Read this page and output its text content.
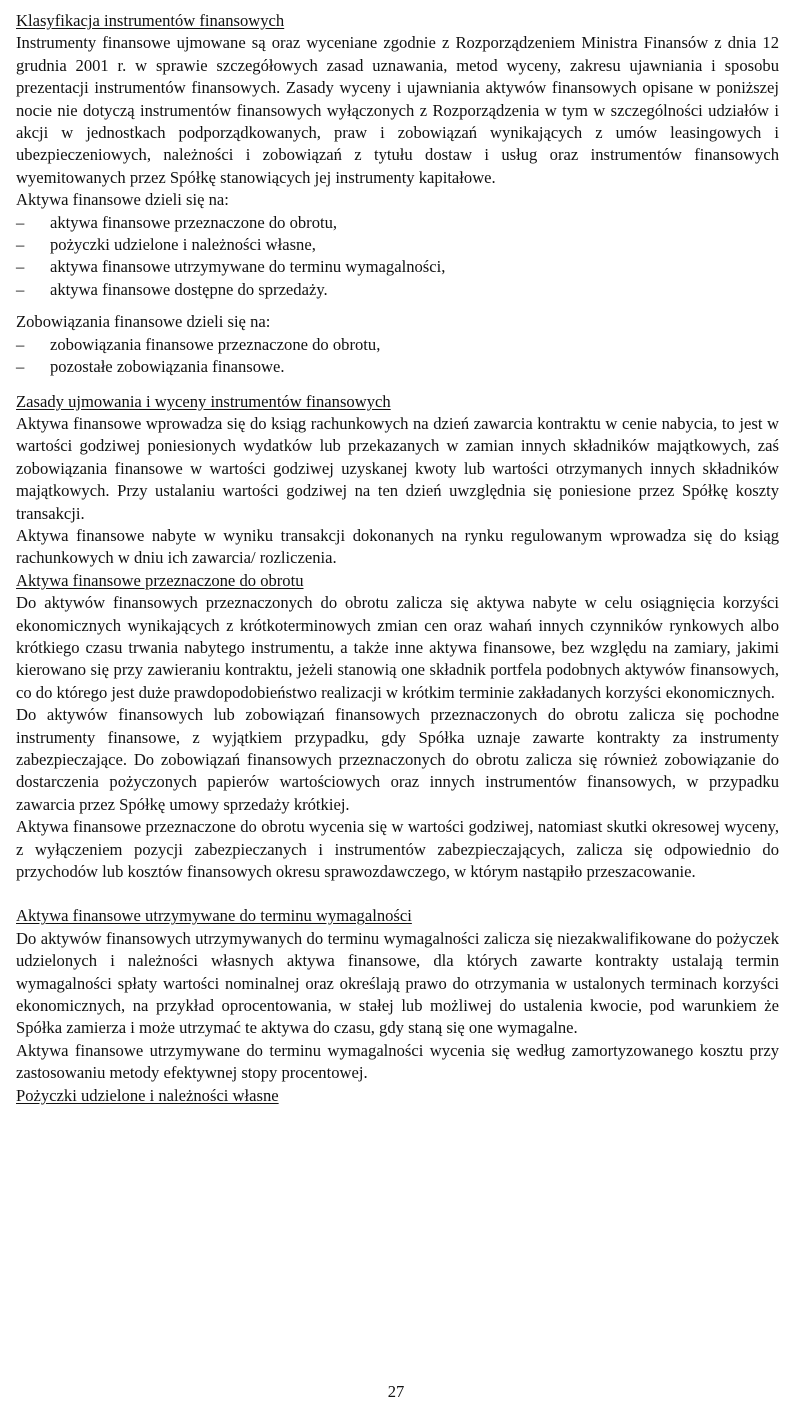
Klasyfikacja instrumentów finansowych
Instrumenty finansowe ujmowane są oraz wyceniane zgodnie z Rozporządzeniem Ministra Finansów z dnia 12 grudnia 2001 r. w sprawie szczegółowych zasad uznawania, metod wyceny, zakresu ujawniania i sposobu prezentacji instrumentów finansowych. Zasady wyceny i ujawniania aktywów finansowych opisane w poniższej nocie nie dotyczą instrumentów finansowych wyłączonych z Rozporządzenia w tym w szczególności udziałów i akcji w jednostkach podporządkowanych, praw i zobowiązań wynikających z umów leasingowych i ubezpieczeniowych, należności i zobowiązań z tytułu dostaw i usług oraz instrumentów finansowych wyemitowanych przez Spółkę stanowiących jej instrumenty kapitałowe.
Aktywa finansowe dzieli się na:
–	aktywa finansowe przeznaczone do obrotu,
–	pożyczki udzielone i należności własne,
–	aktywa finansowe utrzymywane do terminu wymagalności,
–	aktywa finansowe dostępne do sprzedaży.
Zobowiązania finansowe dzieli się na:
–	zobowiązania finansowe przeznaczone do obrotu,
–	pozostałe zobowiązania finansowe.
Zasady ujmowania i wyceny instrumentów finansowych
Aktywa finansowe wprowadza się do ksiąg rachunkowych na dzień zawarcia kontraktu w cenie nabycia, to jest w wartości godziwej poniesionych wydatków lub przekazanych w zamian innych składników majątkowych, zaś zobowiązania finansowe w wartości godziwej uzyskanej kwoty lub wartości otrzymanych innych składników majątkowych. Przy ustalaniu wartości godziwej na ten dzień uwzględnia się poniesione przez Spółkę koszty transakcji.
Aktywa finansowe nabyte w wyniku transakcji dokonanych na rynku regulowanym wprowadza się do ksiąg rachunkowych w dniu ich zawarcia/ rozliczenia.
Aktywa finansowe przeznaczone do obrotu
Do aktywów finansowych przeznaczonych do obrotu zalicza się aktywa nabyte w celu osiągnięcia korzyści ekonomicznych wynikających z krótkoterminowych zmian cen oraz wahań innych czynników rynkowych albo krótkiego czasu trwania nabytego instrumentu, a także inne aktywa finansowe, bez względu na zamiary, jakimi kierowano się przy zawieraniu kontraktu, jeżeli stanowią one składnik portfela podobnych aktywów finansowych, co do którego jest duże prawdopodobieństwo realizacji w krótkim terminie zakładanych korzyści ekonomicznych.
Do aktywów finansowych lub zobowiązań finansowych przeznaczonych do obrotu zalicza się pochodne instrumenty finansowe, z wyjątkiem przypadku, gdy Spółka uznaje zawarte kontrakty za instrumenty zabezpieczające. Do zobowiązań finansowych przeznaczonych do obrotu zalicza się również zobowiązanie do dostarczenia pożyczonych papierów wartościowych oraz innych instrumentów finansowych, w przypadku zawarcia przez Spółkę umowy sprzedaży krótkiej.
Aktywa finansowe przeznaczone do obrotu wycenia się w wartości godziwej, natomiast skutki okresowej wyceny, z wyłączeniem pozycji zabezpieczanych i instrumentów zabezpieczających, zalicza się odpowiednio do przychodów lub kosztów finansowych okresu sprawozdawczego, w którym nastąpiło przeszacowanie.
Aktywa finansowe utrzymywane do terminu wymagalności
Do aktywów finansowych utrzymywanych do terminu wymagalności zalicza się niezakwalifikowane do pożyczek udzielonych i należności własnych aktywa finansowe, dla których zawarte kontrakty ustalają termin wymagalności spłaty wartości nominalnej oraz określają prawo do otrzymania w ustalonych terminach korzyści ekonomicznych, na przykład oprocentowania, w stałej lub możliwej do ustalenia kwocie, pod warunkiem że Spółka zamierza i może utrzymać te aktywa do czasu, gdy staną się one wymagalne.
Aktywa finansowe utrzymywane do terminu wymagalności wycenia się według zamortyzowanego kosztu przy zastosowaniu metody efektywnej stopy procentowej.
Pożyczki udzielone i należności własne
27
